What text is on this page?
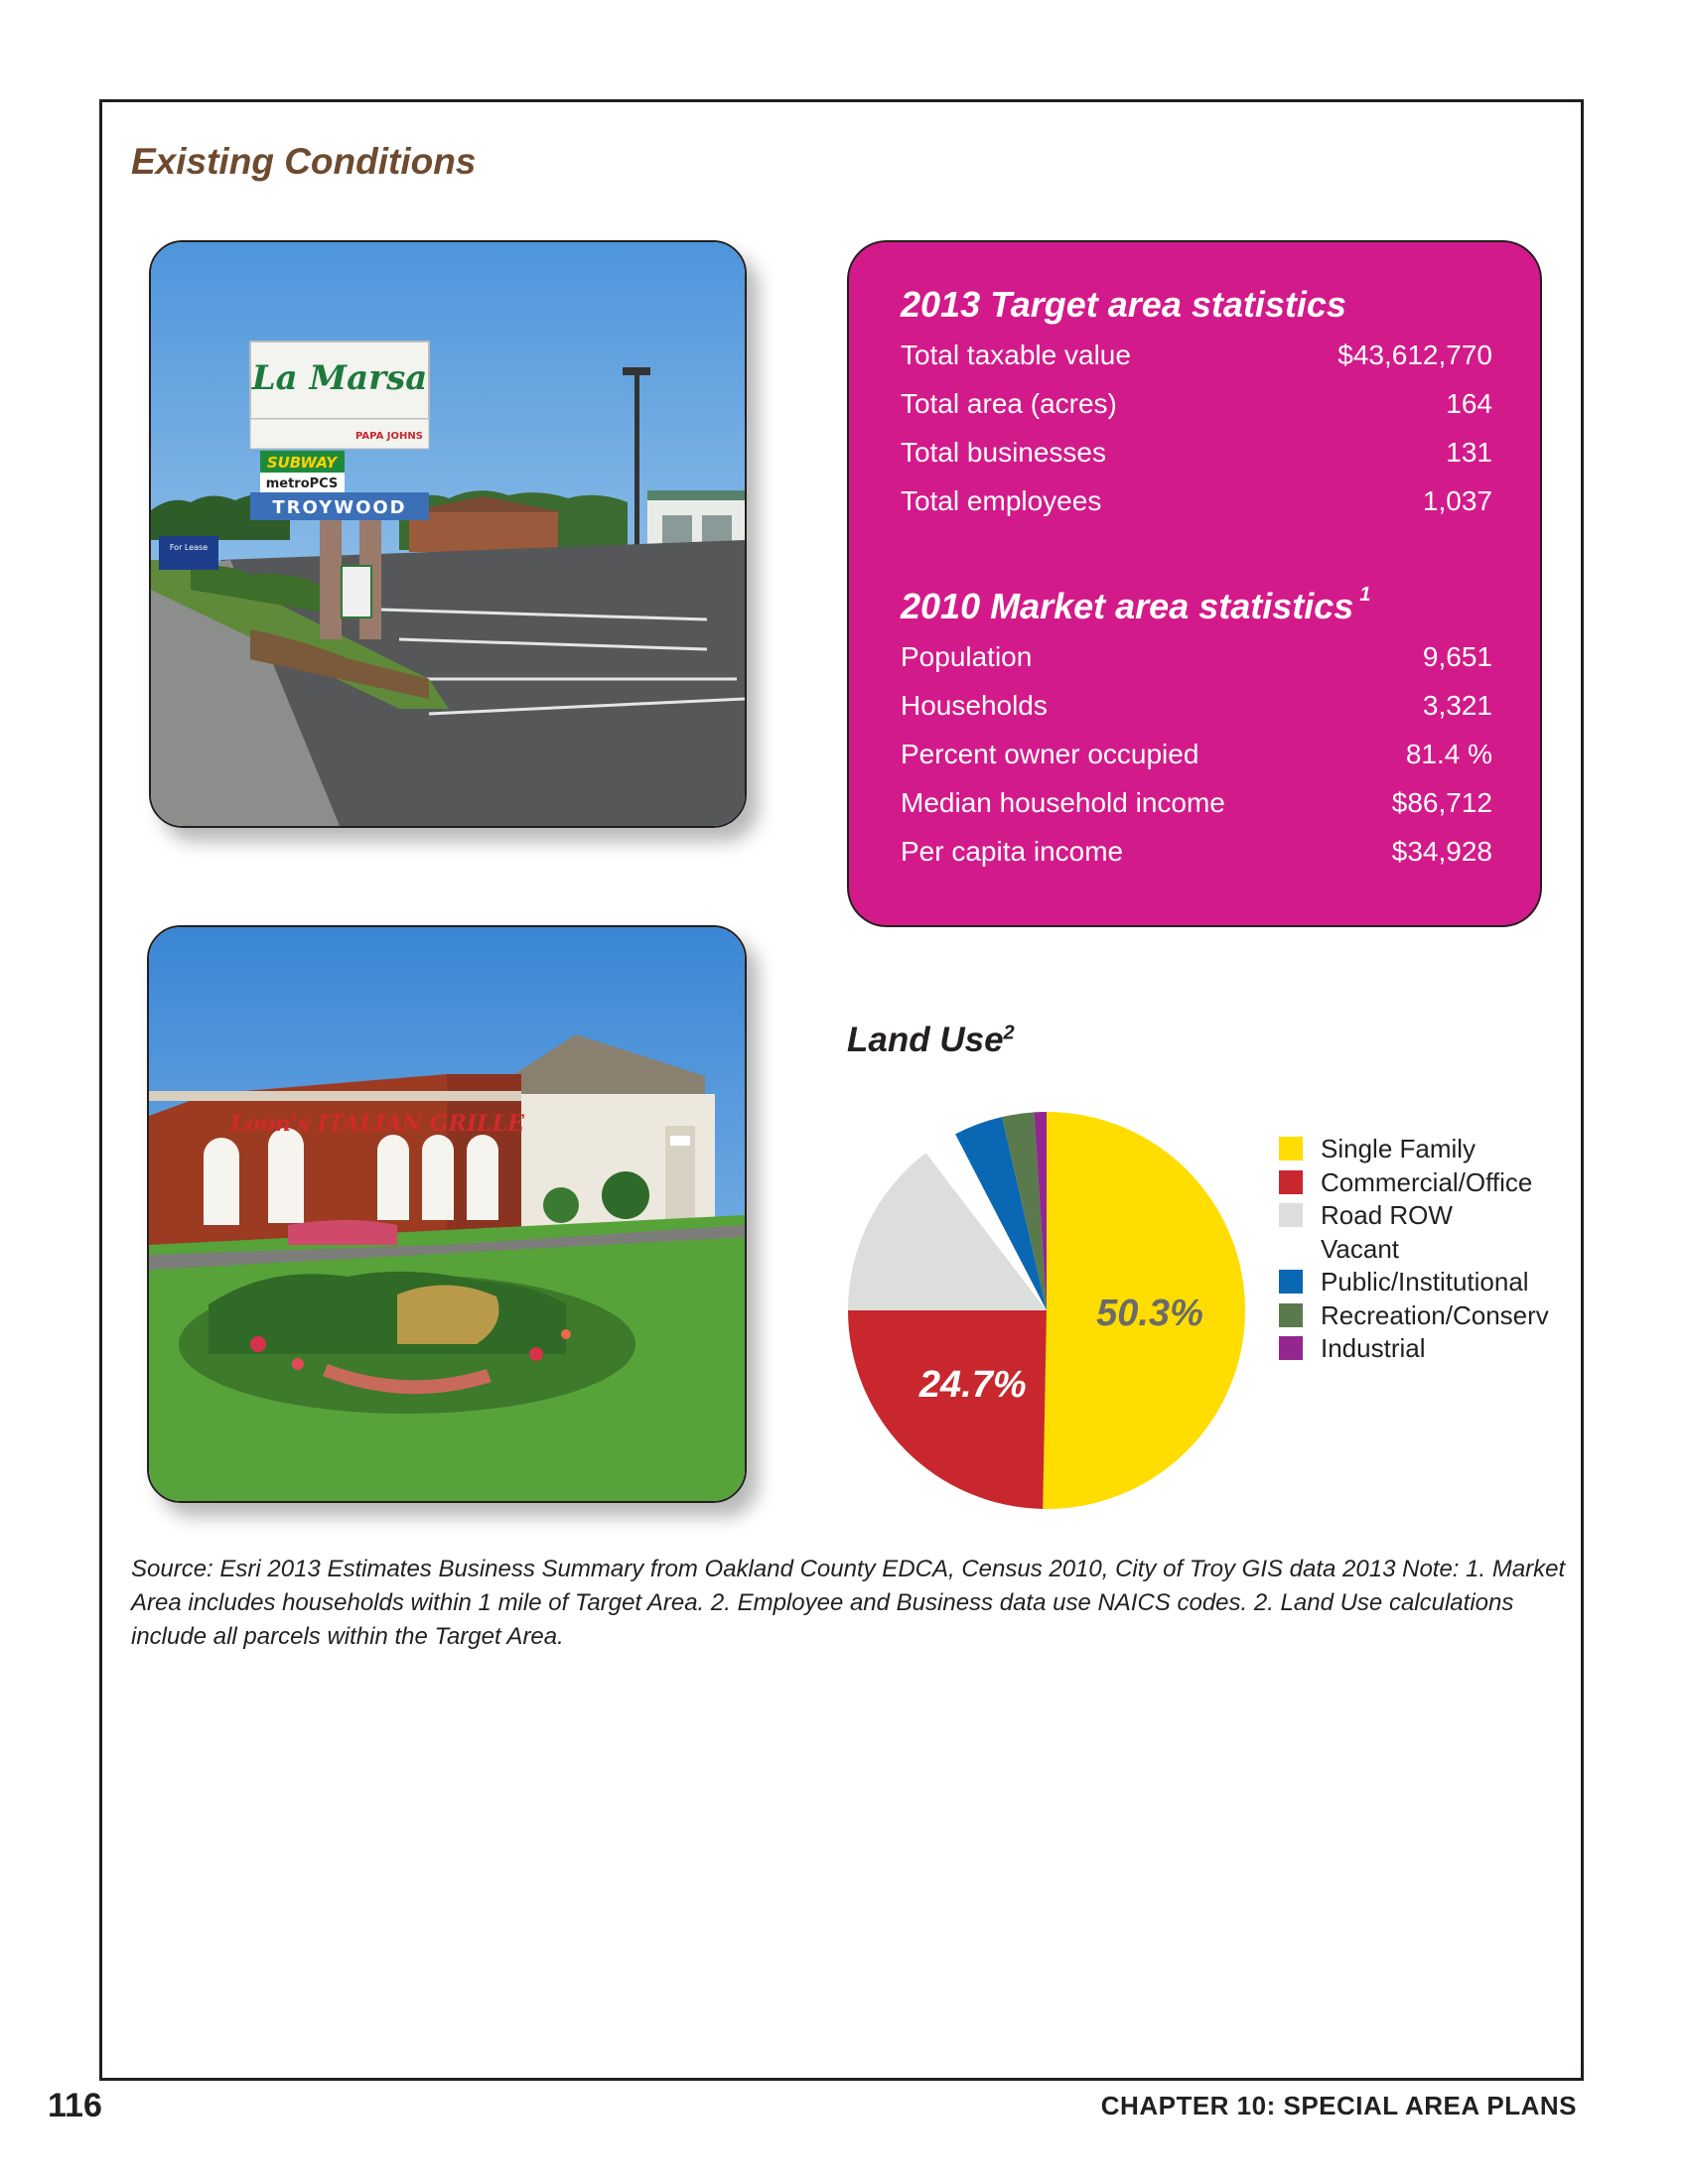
Existing Conditions
La Marsa
PAPA JOHNS
SUBWAY
metroPCS
TROYWOOD
For Lease
Loon's ITALIAN GRILLE
2013 Target area statistics
Total taxable value	$43,612,770
Total area (acres)	164
Total businesses	131
Total employees	1,037
2010 Market area statistics $^1$
Population	9,651
Households	3,321
Percent owner occupied	81.4 %
Median household income	$86,712
Per capita income	$34,928
Land Use$^2$
50.3%
24.7%
Single Family
Commercial/Office
Road ROW
Vacant
Public/Institutional
Recreation/Conserv
Industrial
Source: Esri 2013 Estimates Business Summary from Oakland County EDCA, Census 2010, City of Troy GIS data 2013 Note: 1. Market Area includes households within 1 mile of Target Area. 2. Employee and Business data use NAICS codes. 2. Land Use calculations include all parcels within the Target Area.
116	CHAPTER 10: SPECIAL AREA PLANS
